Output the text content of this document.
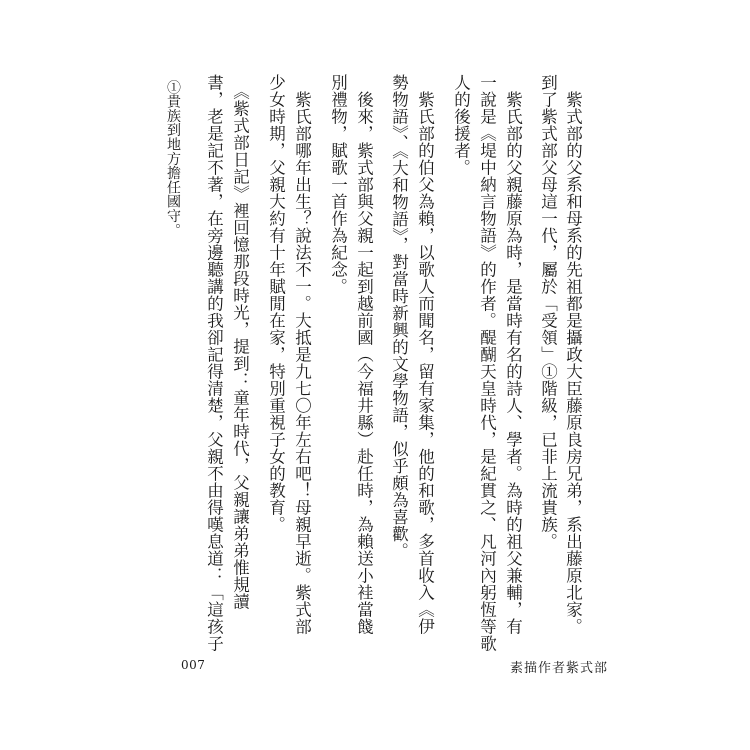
　紫式部的父系和母系的先祖都是攝政大臣藤原良房兄弟，系出藤原北家。
到了紫式部父母這一代，屬於「受領」①階級，已非上流貴族。
　紫氏部的父親藤原為時，是當時有名的詩人、學者。為時的祖父兼輔，有
一說是《堤中納言物語》的作者。醍醐天皇時代，是紀貫之、凡河內躬恆等歌
人的後援者。
　紫氏部的伯父為賴，以歌人而聞名，留有家集，他的和歌，多首收入《伊
勢物語》、《大和物語》，對當時新興的文學物語，似乎頗為喜歡。
　後來，紫式部與父親一起到越前國（今福井縣）赴任時，為賴送小袿當餞
別禮物，賦歌一首作為紀念。
　紫氏部哪年出生？說法不一。大抵是九七〇年左右吧！母親早逝。紫式部
少女時期，父親大約有十年賦閒在家，特別重視子女的教育。
　《紫式部日記》裡回憶那段時光，提到：童年時代，父親讓弟弟惟規讀
書，老是記不著，在旁邊聽講的我卻記得清楚，父親不由得嘆息道：「這孩子
①貴族到地方擔任國守。
素描作者紫式部
007
